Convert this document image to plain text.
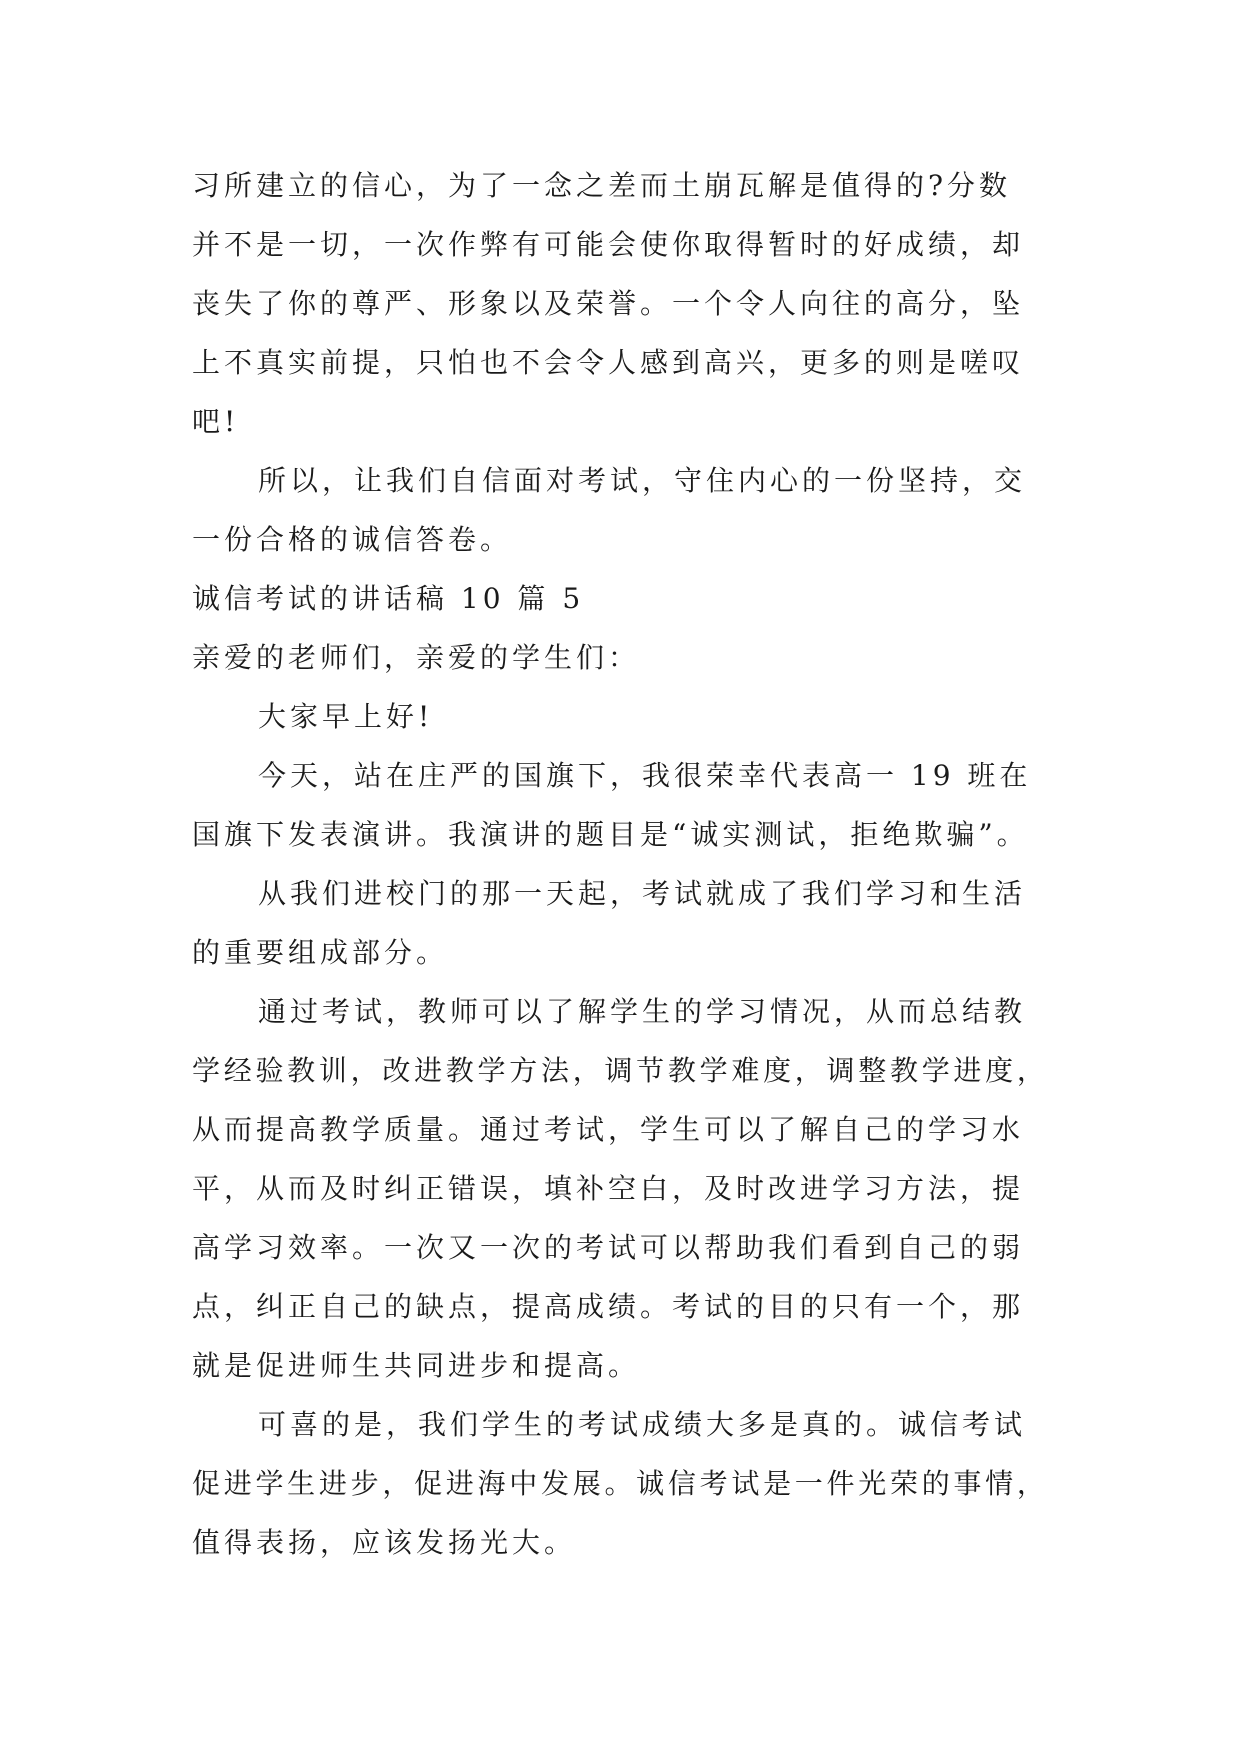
习所建立的信心，为了一念之差而土崩瓦解是值得的?分数
并不是一切，一次作弊有可能会使你取得暂时的好成绩，却
丧失了你的尊严、形象以及荣誉。一个令人向往的高分，坠
上不真实前提，只怕也不会令人感到高兴，更多的则是嗟叹
吧!
所以，让我们自信面对考试，守住内心的一份坚持，交
一份合格的诚信答卷。
诚信考试的讲话稿 10 篇 5
亲爱的老师们，亲爱的学生们：
大家早上好!
今天，站在庄严的国旗下，我很荣幸代表高一 19 班在
国旗下发表演讲。我演讲的题目是“诚实测试，拒绝欺骗”。
从我们进校门的那一天起，考试就成了我们学习和生活
的重要组成部分。
通过考试，教师可以了解学生的学习情况，从而总结教
学经验教训，改进教学方法，调节教学难度，调整教学进度，
从而提高教学质量。通过考试，学生可以了解自己的学习水
平，从而及时纠正错误，填补空白，及时改进学习方法，提
高学习效率。一次又一次的考试可以帮助我们看到自己的弱
点，纠正自己的缺点，提高成绩。考试的目的只有一个，那
就是促进师生共同进步和提高。
可喜的是，我们学生的考试成绩大多是真的。诚信考试
促进学生进步，促进海中发展。诚信考试是一件光荣的事情，
值得表扬，应该发扬光大。
